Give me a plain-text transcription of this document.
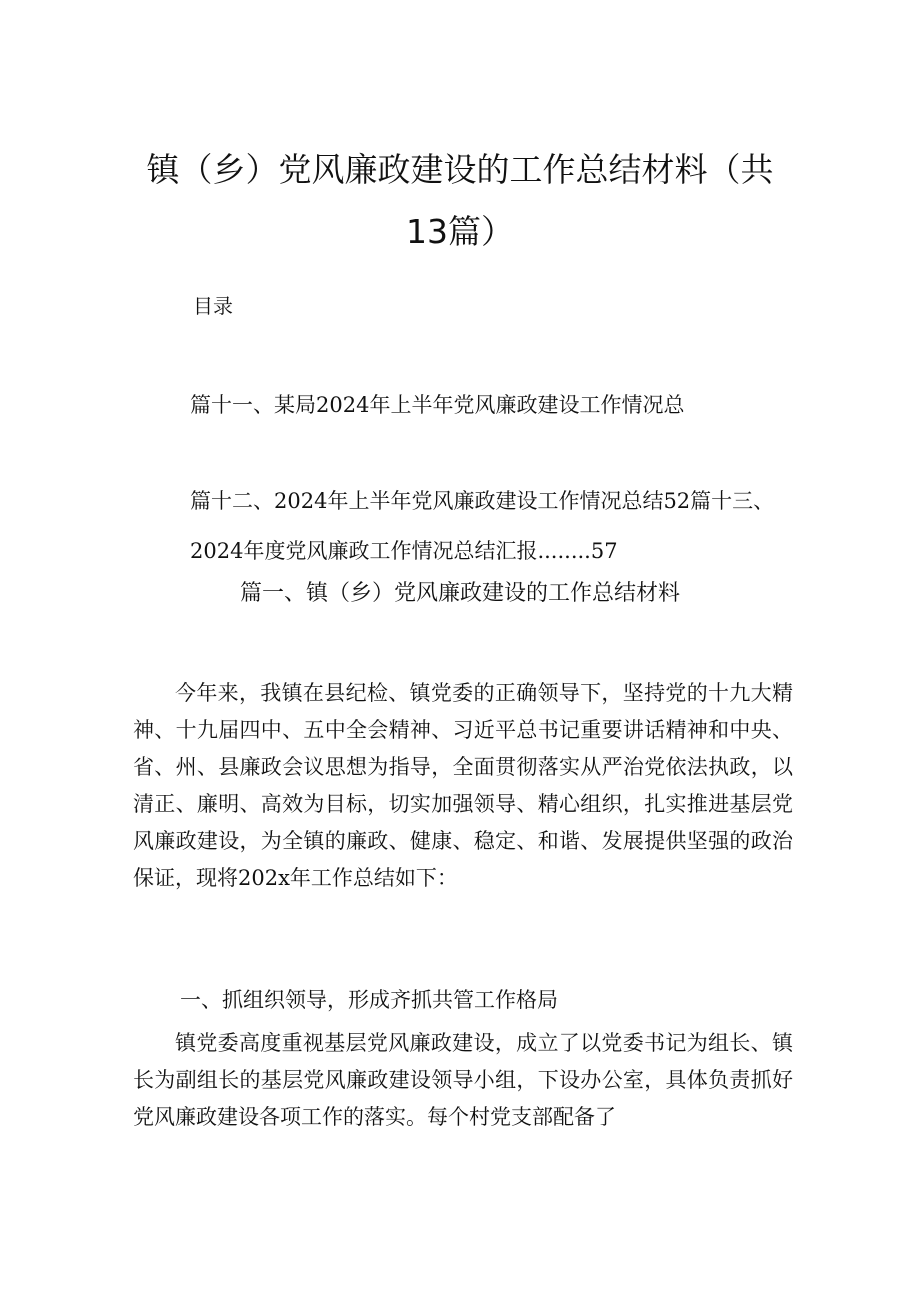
镇（乡）党风廉政建设的工作总结材料（共
13篇）
目录
篇十一、某局2024年上半年党风廉政建设工作情况总
篇十二、2024年上半年党风廉政建设工作情况总结52篇十三、
2024年度党风廉政工作情况总结汇报........57
篇一、镇（乡）党风廉政建设的工作总结材料
今年来，我镇在县纪检、镇党委的正确领导下，坚持党的十九大精神、十九届四中、五中全会精神、习近平总书记重要讲话精神和中央、省、州、县廉政会议思想为指导，全面贯彻落实从严治党依法执政，以清正、廉明、高效为目标，切实加强领导、精心组织，扎实推进基层党风廉政建设，为全镇的廉政、健康、稳定、和谐、发展提供坚强的政治保证，现将202x年工作总结如下：
一、抓组织领导，形成齐抓共管工作格局
镇党委高度重视基层党风廉政建设，成立了以党委书记为组长、镇长为副组长的基层党风廉政建设领导小组，下设办公室，具体负责抓好党风廉政建设各项工作的落实。每个村党支部配备了
